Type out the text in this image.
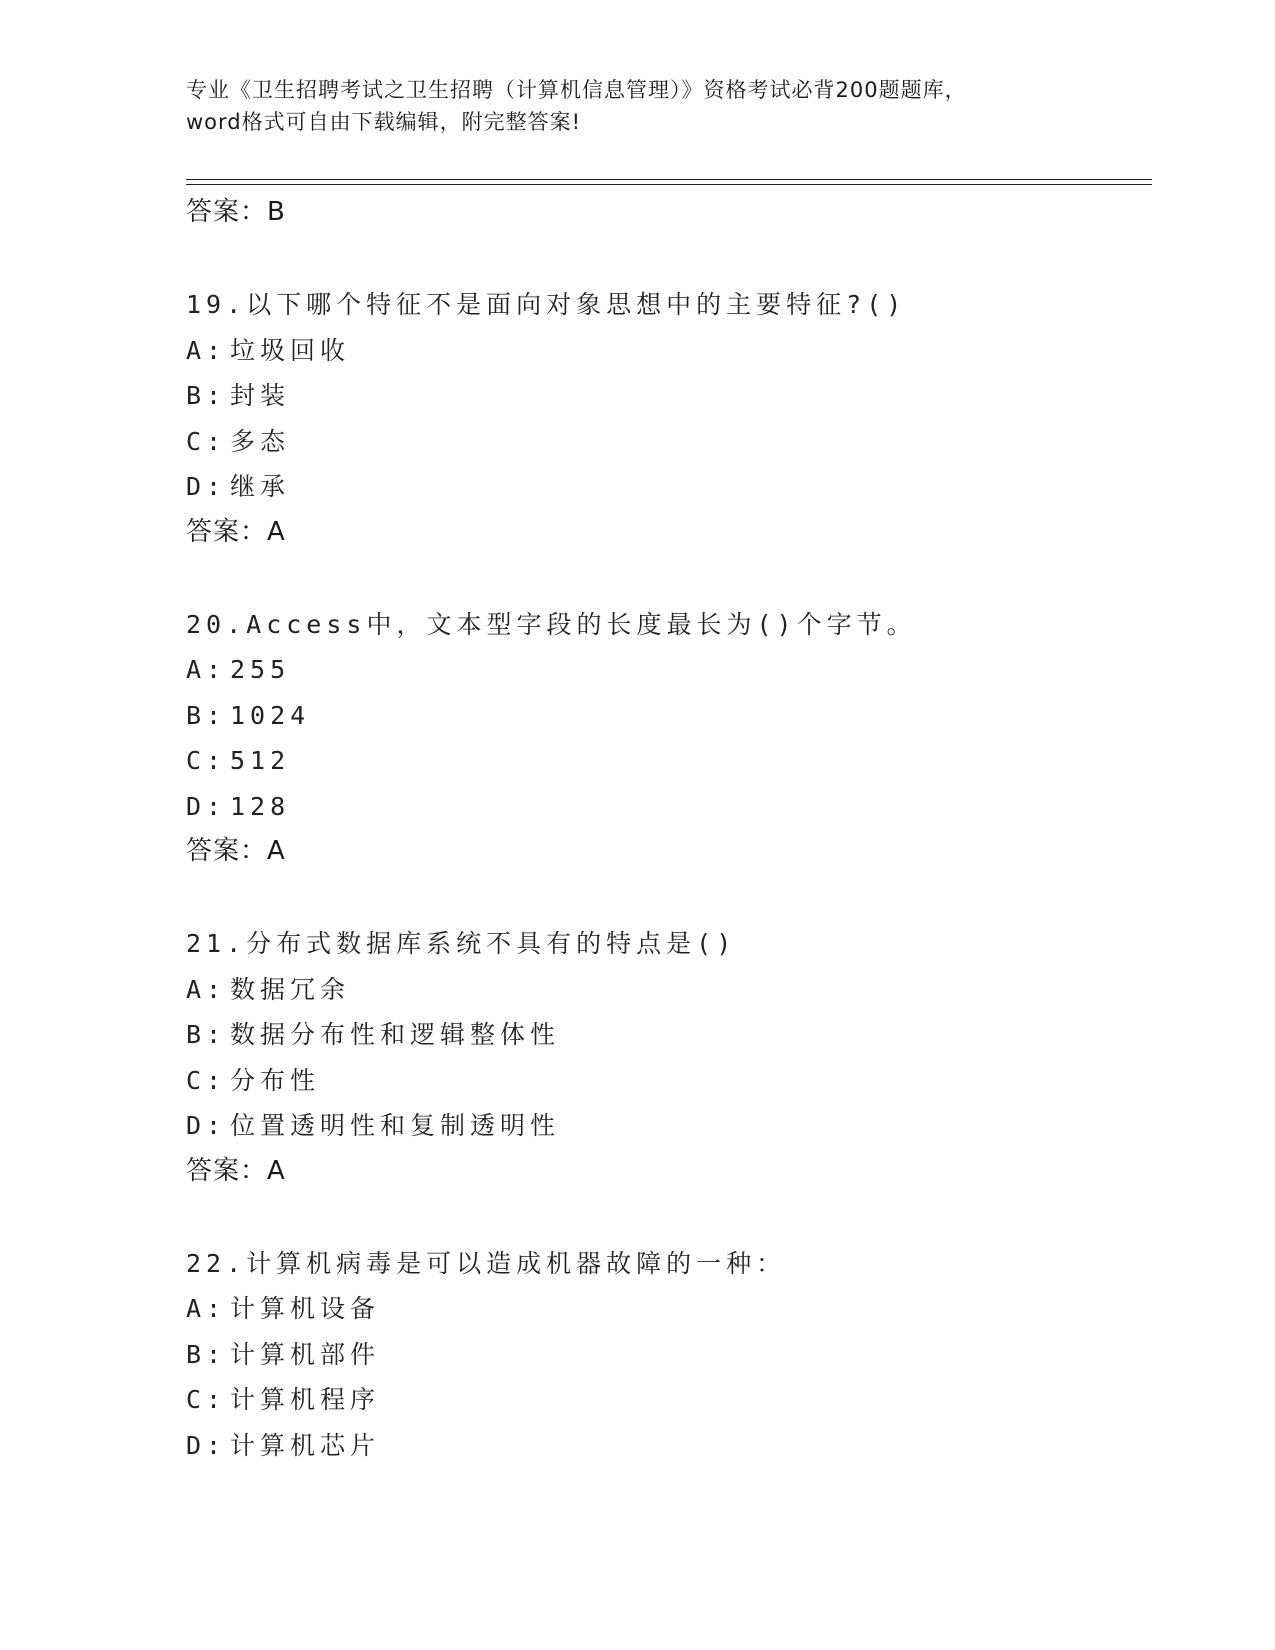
专业《卫生招聘考试之卫生招聘（计算机信息管理）》资格考试必背200题题库，
word格式可自由下载编辑，附完整答案!
答案：B
19.以下哪个特征不是面向对象思想中的主要特征?()
A: 垃圾回收
B: 封装
C: 多态
D: 继承
答案：A
20.Access中，文本型字段的长度最长为()个字节。
A: 255
B: 1024
C: 512
D: 128
答案：A
21.分布式数据库系统不具有的特点是()
A: 数据冗余
B: 数据分布性和逻辑整体性
C: 分布性
D: 位置透明性和复制透明性
答案：A
22.计算机病毒是可以造成机器故障的一种：
A: 计算机设备
B: 计算机部件
C: 计算机程序
D: 计算机芯片
